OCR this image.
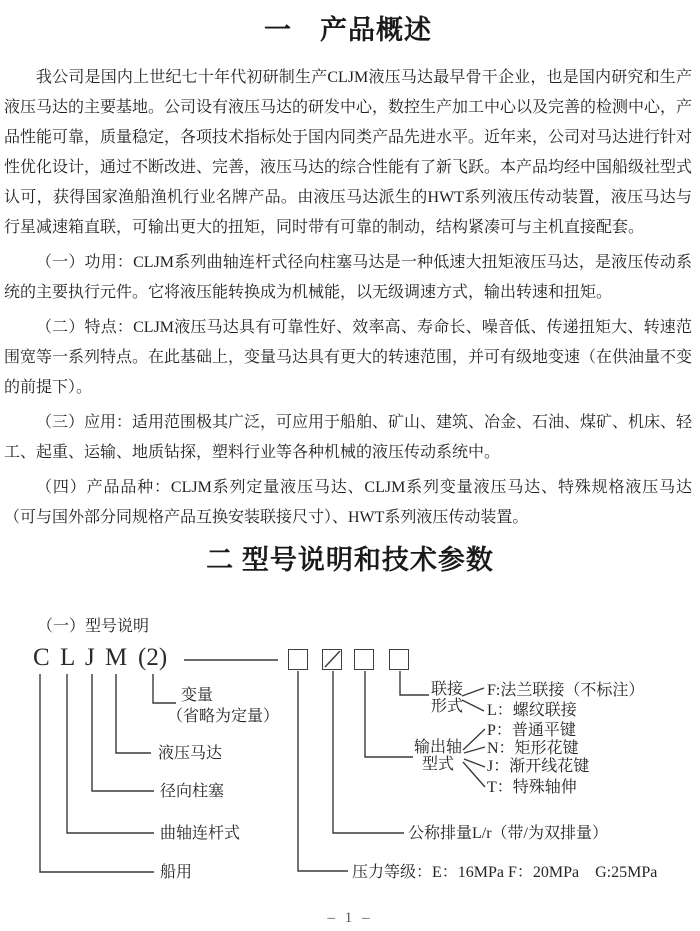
一　产品概述

我公司是国内上世纪七十年代初研制生产CLJM液压马达最早骨干企业，也是国内研究和生产液压马达的主要基地。公司设有液压马达的研发中心，数控生产加工中心以及完善的检测中心，产品性能可靠，质量稳定，各项技术指标处于国内同类产品先进水平。近年来，公司对马达进行针对性优化设计，通过不断改进、完善，液压马达的综合性能有了新飞跃。本产品均经中国船级社型式认可，获得国家渔船渔机行业名牌产品。由液压马达派生的HWT系列液压传动装置，液压马达与行星减速箱直联，可输出更大的扭矩，同时带有可靠的制动，结构紧凑可与主机直接配套。

（一）功用：CLJM系列曲轴连杆式径向柱塞马达是一种低速大扭矩液压马达，是液压传动系统的主要执行元件。它将液压能转换成为机械能，以无级调速方式，输出转速和扭矩。

（二）特点：CLJM液压马达具有可靠性好、效率高、寿命长、噪音低、传递扭矩大、转速范围宽等一系列特点。在此基础上，变量马达具有更大的转速范围，并可有级地变速（在供油量不变的前提下）。

（三）应用：适用范围极其广泛，可应用于船舶、矿山、建筑、冶金、石油、煤矿、机床、轻工、起重、运输、地质钻探，塑料行业等各种机械的液压传动系统中。

（四）产品品种：CLJM系列定量液压马达、CLJM系列变量液压马达、特殊规格液压马达（可与国外部分同规格产品互换安装联接尺寸）、HWT系列液压传动装置。

二 型号说明和技术参数
（一）型号说明
C L J M (2)
变量
（省略为定量）
液压马达
径向柱塞
曲轴连杆式
船用	压力等级：E：16MPa F：20MPa　G:25MPa
公称排量L/r（带/为双排量）
联接
形式
F:法兰联接（不标注）
L：螺纹联接
输出轴
型式
P：普通平键
N：矩形花键
J：渐开线花键
T：特殊轴伸
– 1 –
